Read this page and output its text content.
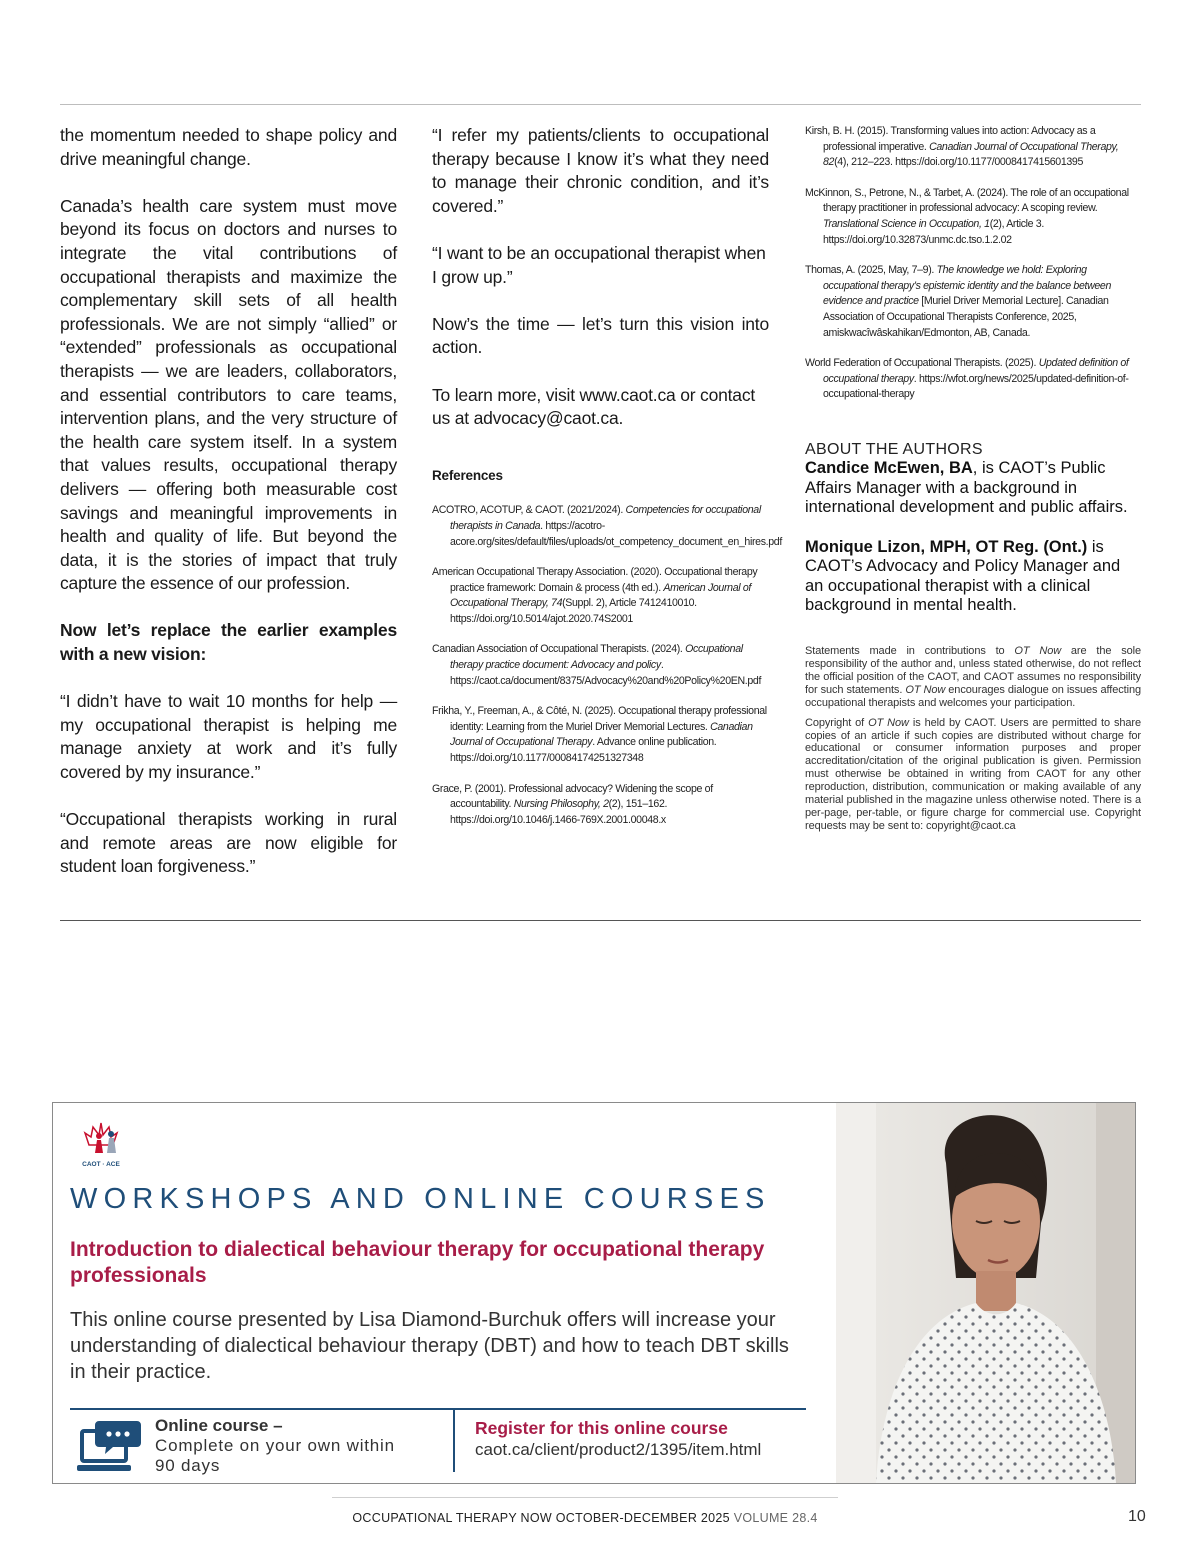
the momentum needed to shape policy and drive meaningful change.

Canada’s health care system must move beyond its focus on doctors and nurses to integrate the vital contributions of occupational therapists and maximize the complementary skill sets of all health professionals. We are not simply “allied” or “extended” professionals as occupational therapists — we are leaders, collaborators, and essential contributors to care teams, intervention plans, and the very structure of the health care system itself. In a system that values results, occupational therapy delivers — offering both measurable cost savings and meaningful improvements in health and quality of life. But beyond the data, it is the stories of impact that truly capture the essence of our profession.

Now let’s replace the earlier examples with a new vision:

“I didn’t have to wait 10 months for help — my occupational therapist is helping me manage anxiety at work and it’s fully covered by my insurance.”

“Occupational therapists working in rural and remote areas are now eligible for student loan forgiveness.”

“I refer my patients/clients to occupational therapy because I know it’s what they need to manage their chronic condition, and it’s covered.”

“I want to be an occupational therapist when I grow up.”

Now’s the time — let’s turn this vision into action.

To learn more, visit www.caot.ca or contact us at advocacy@caot.ca.

References

ACOTRO, ACOTUP, & CAOT. (2021/2024). Competencies for occupational therapists in Canada. https://acotro-acore.org/sites/default/files/uploads/ot_competency_document_en_hires.pdf

American Occupational Therapy Association. (2020). Occupational therapy practice framework: Domain & process (4th ed.). American Journal of Occupational Therapy, 74(Suppl. 2), Article 7412410010. https://doi.org/10.5014/ajot.2020.74S2001

Canadian Association of Occupational Therapists. (2024). Occupational therapy practice document: Advocacy and policy. https://caot.ca/document/8375/Advocacy%20and%20Policy%20EN.pdf

Frikha, Y., Freeman, A., & Côté, N. (2025). Occupational therapy professional identity: Learning from the Muriel Driver Memorial Lectures. Canadian Journal of Occupational Therapy. Advance online publication. https://doi.org/10.1177/00084174251327348

Grace, P. (2001). Professional advocacy? Widening the scope of accountability. Nursing Philosophy, 2(2), 151–162. https://doi.org/10.1046/j.1466-769X.2001.00048.x

Kirsh, B. H. (2015). Transforming values into action: Advocacy as a professional imperative. Canadian Journal of Occupational Therapy, 82(4), 212–223. https://doi.org/10.1177/0008417415601395

McKinnon, S., Petrone, N., & Tarbet, A. (2024). The role of an occupational therapy practitioner in professional advocacy: A scoping review. Translational Science in Occupation, 1(2), Article 3. https://doi.org/10.32873/unmc.dc.tso.1.2.02

Thomas, A. (2025, May, 7–9). The knowledge we hold: Exploring occupational therapy’s epistemic identity and the balance between evidence and practice [Muriel Driver Memorial Lecture]. Canadian Association of Occupational Therapists Conference, 2025, amiskwacîwâskahikan/Edmonton, AB, Canada.

World Federation of Occupational Therapists. (2025). Updated definition of occupational therapy. https://wfot.org/news/2025/updated-definition-of-occupational-therapy

ABOUT THE AUTHORS

Candice McEwen, BA, is CAOT’s Public Affairs Manager with a background in international development and public affairs.

Monique Lizon, MPH, OT Reg. (Ont.) is CAOT’s Advocacy and Policy Manager and an occupational therapist with a clinical background in mental health.

Statements made in contributions to OT Now are the sole responsibility of the author and, unless stated otherwise, do not reflect the official position of the CAOT, and CAOT assumes no responsibility for such statements. OT Now encourages dialogue on issues affecting occupational therapists and welcomes your participation.

Copyright of OT Now is held by CAOT. Users are permitted to share copies of an article if such copies are distributed without charge for educational or consumer information purposes and proper accreditation/citation of the original publication is given. Permission must otherwise be obtained in writing from CAOT for any other reproduction, distribution, communication or making available of any material published in the magazine unless otherwise noted. There is a per-page, per-table, or figure charge for commercial use. Copyright requests may be sent to: copyright@caot.ca

CAOT · ACE
WORKSHOPS AND ONLINE COURSES
Introduction to dialectical behaviour therapy for occupational therapy professionals
This online course presented by Lisa Diamond-Burchuk offers will increase your understanding of dialectical behaviour therapy (DBT) and how to teach DBT skills in their practice.
Online course –
Complete on your own within 90 days
Register for this online course
caot.ca/client/product2/1395/item.html
OCCUPATIONAL THERAPY NOW OCTOBER-DECEMBER 2025 VOLUME 28.4	10
